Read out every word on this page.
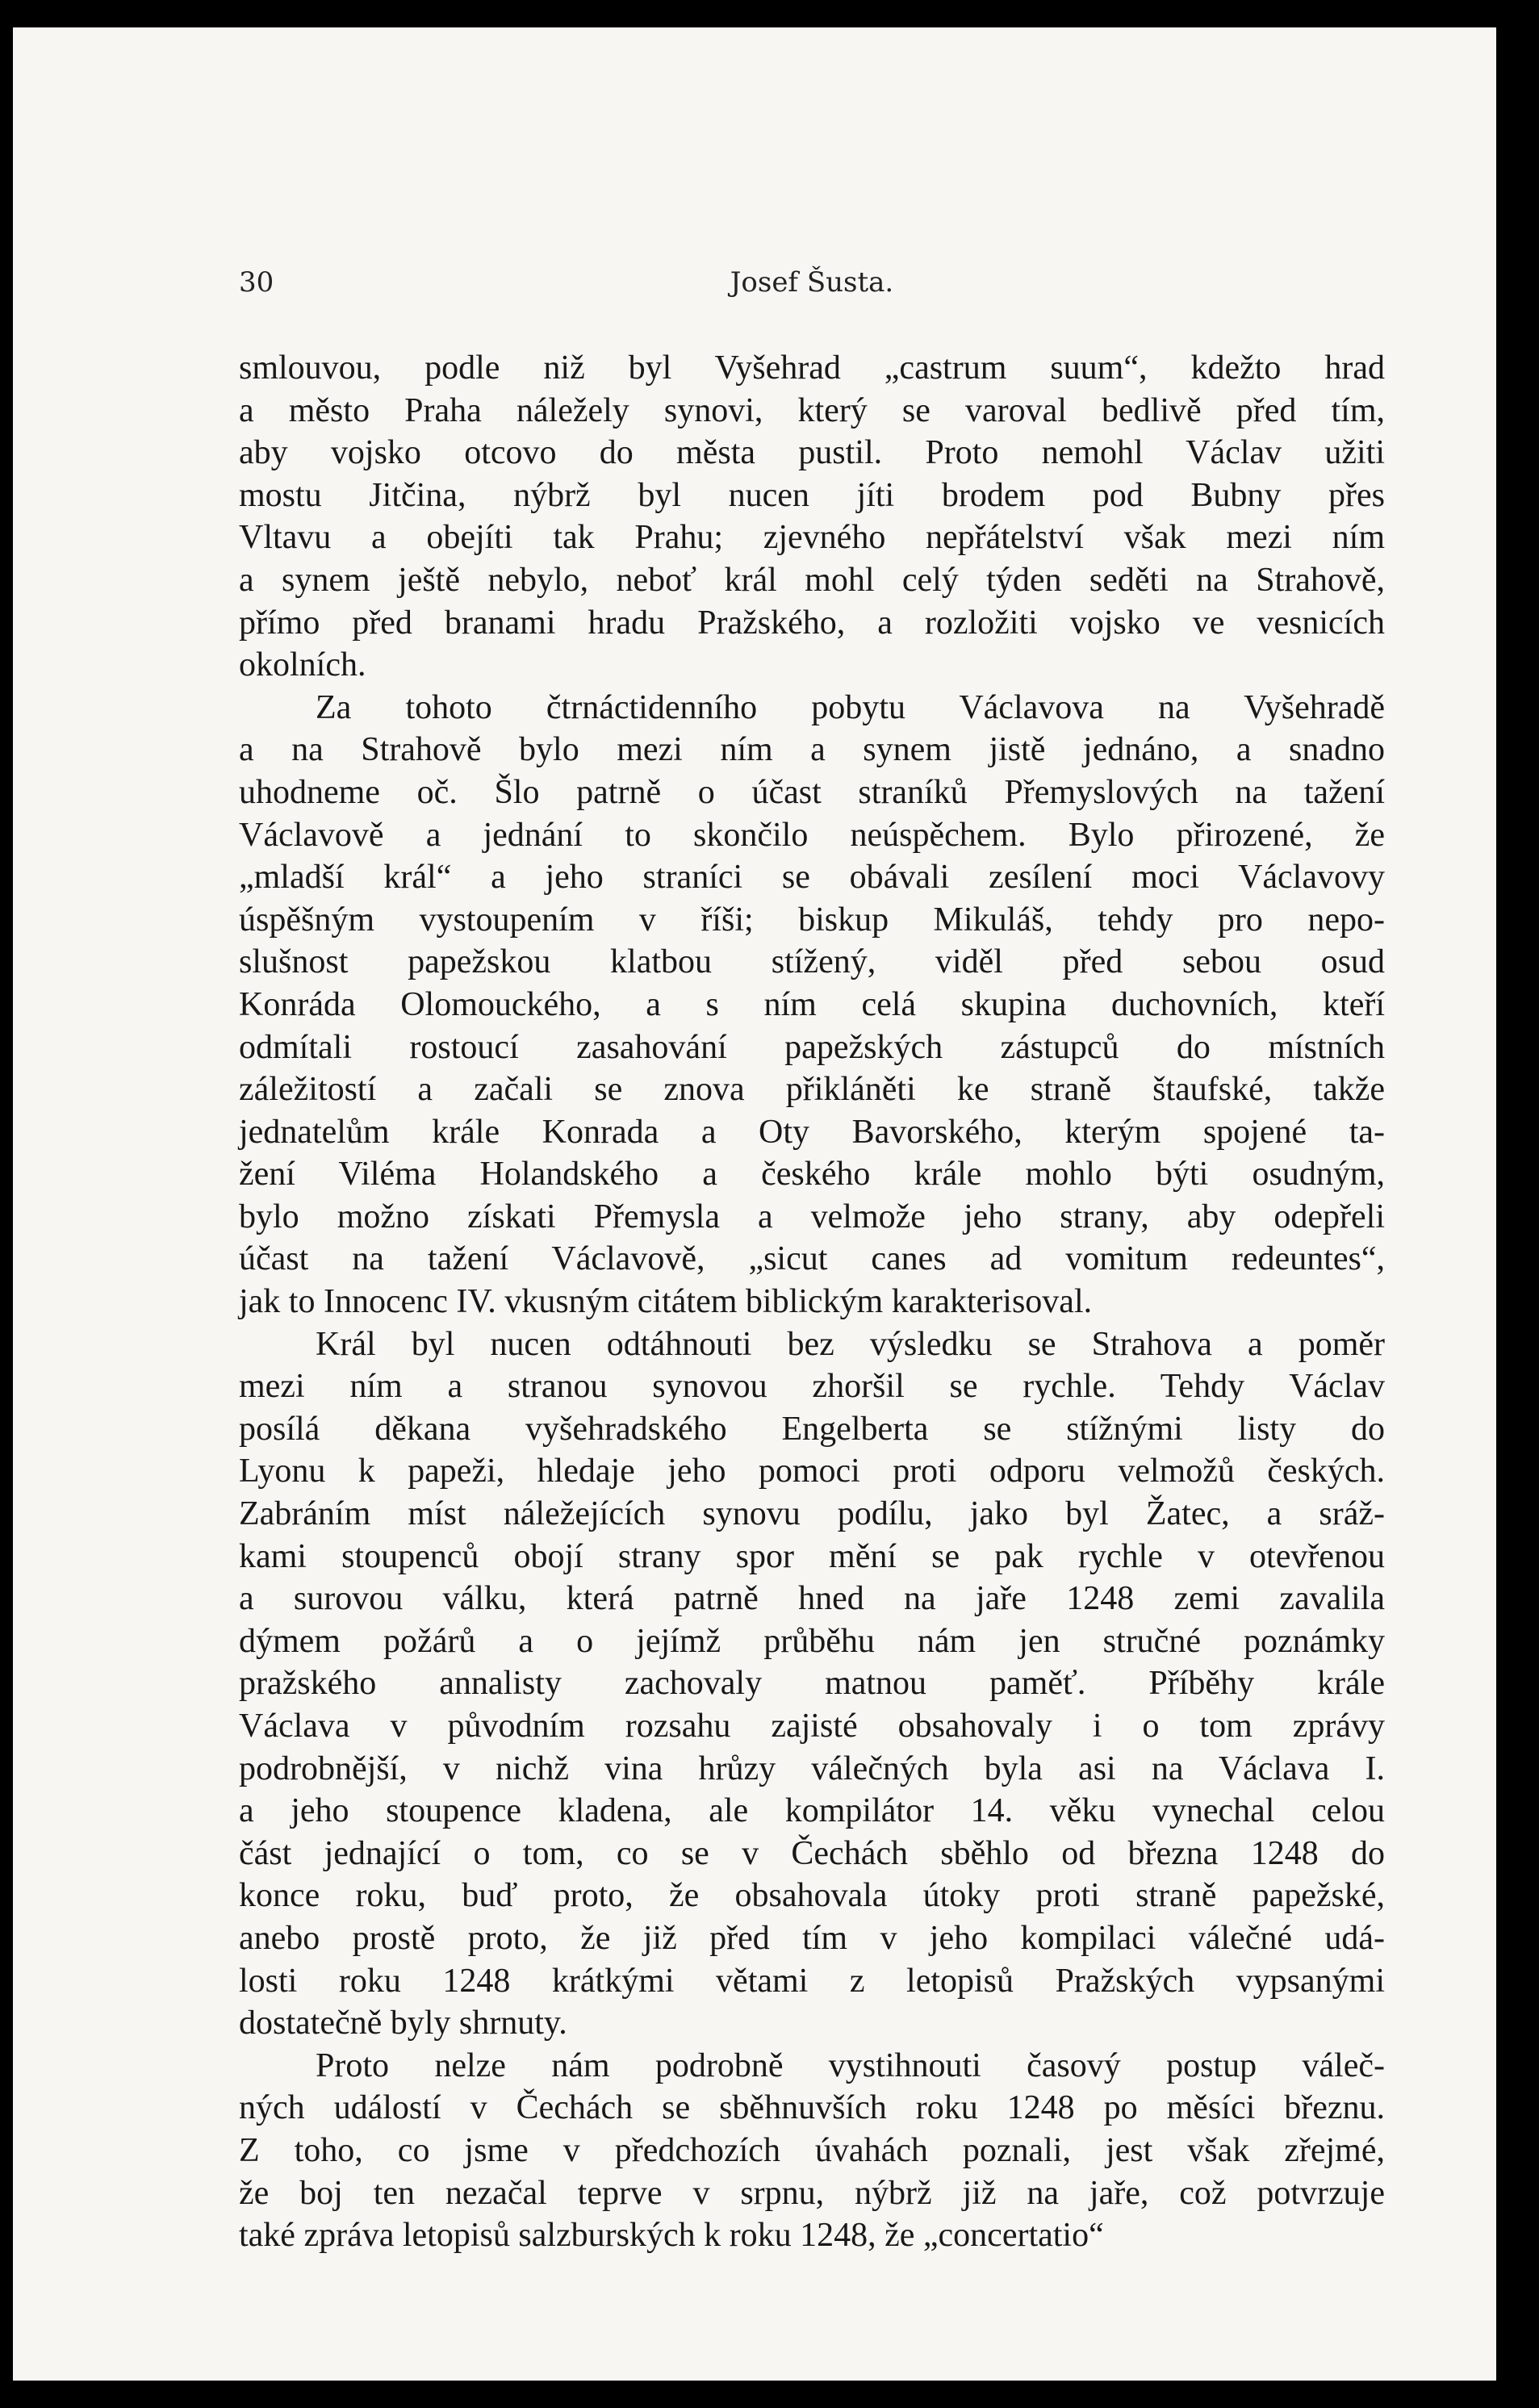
30	Josef Šusta.
smlouvou, podle niž byl Vyšehrad „castrum suum“, kdežto hrad
a město Praha náležely synovi, který se varoval bedlivě před tím,
aby vojsko otcovo do města pustil. Proto nemohl Václav užiti
mostu Jitčina, nýbrž byl nucen jíti brodem pod Bubny přes
Vltavu a obejíti tak Prahu; zjevného nepřátelství však mezi ním
a synem ještě nebylo, neboť král mohl celý týden seděti na Strahově,
přímo před branami hradu Pražského, a rozložiti vojsko ve vesnicích
okolních.
Za tohoto čtrnáctidenního pobytu Václavova na Vyšehradě
a na Strahově bylo mezi ním a synem jistě jednáno, a snadno
uhodneme oč. Šlo patrně o účast straníků Přemyslových na tažení
Václavově a jednání to skončilo neúspěchem. Bylo přirozené, že
„mladší král“ a jeho straníci se obávali zesílení moci Václavovy
úspěšným vystoupením v říši; biskup Mikuláš, tehdy pro nepo-
slušnost papežskou klatbou stížený, viděl před sebou osud
Konráda Olomouckého, a s ním celá skupina duchovních, kteří
odmítali rostoucí zasahování papežských zástupců do místních
záležitostí a začali se znova přikláněti ke straně štaufské, takže
jednatelům krále Konrada a Oty Bavorského, kterým spojené ta-
žení Viléma Holandského a českého krále mohlo býti osudným,
bylo možno získati Přemysla a velmože jeho strany, aby odepřeli
účast na tažení Václavově, „sicut canes ad vomitum redeuntes“,
jak to Innocenc IV. vkusným citátem biblickým karakterisoval.
Král byl nucen odtáhnouti bez výsledku se Strahova a poměr
mezi ním a stranou synovou zhoršil se rychle. Tehdy Václav
posílá děkana vyšehradského Engelberta se stížnými listy do
Lyonu k papeži, hledaje jeho pomoci proti odporu velmožů českých.
Zabráním míst náležejících synovu podílu, jako byl Žatec, a sráž-
kami stoupenců obojí strany spor mění se pak rychle v otevřenou
a surovou válku, která patrně hned na jaře 1248 zemi zavalila
dýmem požárů a o jejímž průběhu nám jen stručné poznámky
pražského annalisty zachovaly matnou paměť. Příběhy krále
Václava v původním rozsahu zajisté obsahovaly i o tom zprávy
podrobnější, v nichž vina hrůzy válečných byla asi na Václava I.
a jeho stoupence kladena, ale kompilátor 14. věku vynechal celou
část jednající o tom, co se v Čechách sběhlo od března 1248 do
konce roku, buď proto, že obsahovala útoky proti straně papežské,
anebo prostě proto, že již před tím v jeho kompilaci válečné udá-
losti roku 1248 krátkými větami z letopisů Pražských vypsanými
dostatečně byly shrnuty.
Proto nelze nám podrobně vystihnouti časový postup váleč-
ných událostí v Čechách se sběhnuvších roku 1248 po měsíci březnu.
Z toho, co jsme v předchozích úvahách poznali, jest však zřejmé,
že boj ten nezačal teprve v srpnu, nýbrž již na jaře, což potvrzuje
také zpráva letopisů salzburských k roku 1248, že „concertatio“
